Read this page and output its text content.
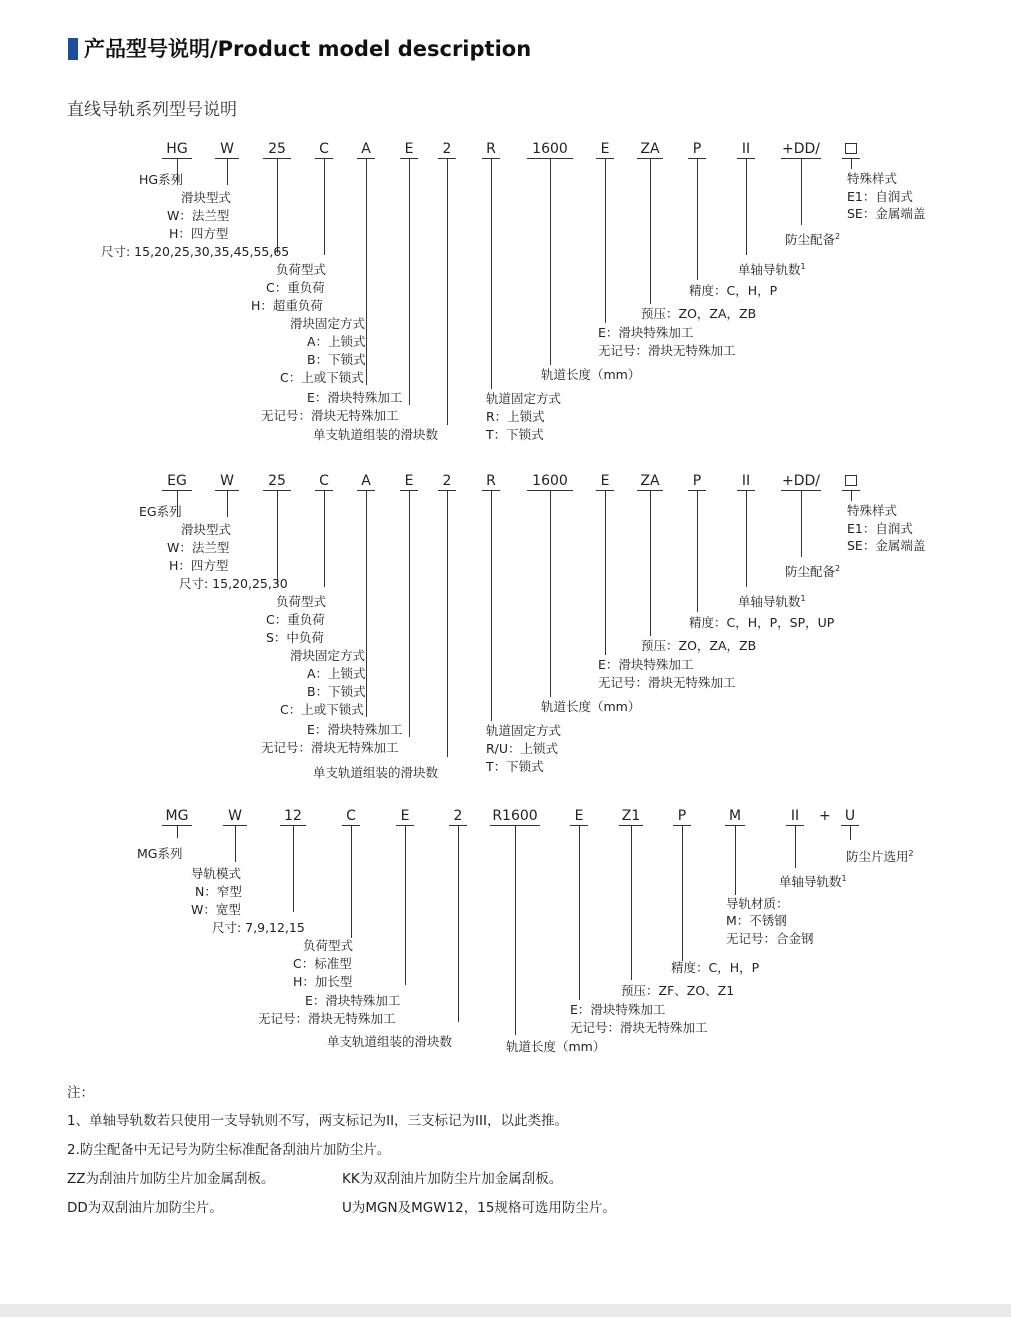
产品型号说明/Product model description
直线导轨系列型号说明
HG W 25 C A E 2 R	1600 E ZA P	II +DD/
HG系列
滑块型式
W：法兰型
H：四方型
尺寸: 15,20,25,30,35,45,55,65
负荷型式
C：重负荷
H：超重负荷
滑块固定方式
A：上锁式
B：下锁式
C：上或下锁式
E：滑块特殊加工
无记号：滑块无特殊加工
单支轨道组装的滑块数
轨道固定方式
R：上锁式
T：下锁式
轨道长度（mm）
E：滑块特殊加工
无记号：滑块无特殊加工
预压：ZO，ZA，ZB
精度：C，H，P
单轴导轨数$^1$
防尘配备$^2$
特殊样式
E1：自润式
SE：金属端盖
EG W 25 C A E 2 R	1600 E ZA P	II +DD/
EG系列
滑块型式
W：法兰型
H：四方型
尺寸: 15,20,25,30
负荷型式
C：重负荷
S：中负荷
滑块固定方式
A：上锁式
B：下锁式
C：上或下锁式
E：滑块特殊加工
无记号：滑块无特殊加工
单支轨道组装的滑块数
轨道固定方式
R/U：上锁式
T：下锁式
轨道长度（mm）
E：滑块特殊加工
无记号：滑块无特殊加工
预压：ZO，ZA，ZB
精度：C，H，P，SP，UP
单轴导轨数$^1$
防尘配备$^2$
特殊样式
E1：自润式
SE：金属端盖
MG	W	12	C	E	2 R1600	E	Z1	P	M	II + U
MG系列
导轨模式
N：窄型
W：宽型
尺寸: 7,9,12,15
负荷型式
C：标准型
H：加长型
E：滑块特殊加工
无记号：滑块无特殊加工
单支轨道组装的滑块数	轨道长度（mm）
E：滑块特殊加工
无记号：滑块无特殊加工
预压：ZF、ZO、Z1
精度：C，H，P
导轨材质：
M：不锈钢
无记号：合金钢
单轴导轨数$^1$
防尘片选用$^2$
注：
1、单轴导轨数若只使用一支导轨则不写，两支标记为II，三支标记为III，以此类推。
2.防尘配备中无记号为防尘标准配备刮油片加防尘片。
ZZ为刮油片加防尘片加金属刮板。	KK为双刮油片加防尘片加金属刮板。
DD为双刮油片加防尘片。	U为MGN及MGW12，15规格可选用防尘片。
